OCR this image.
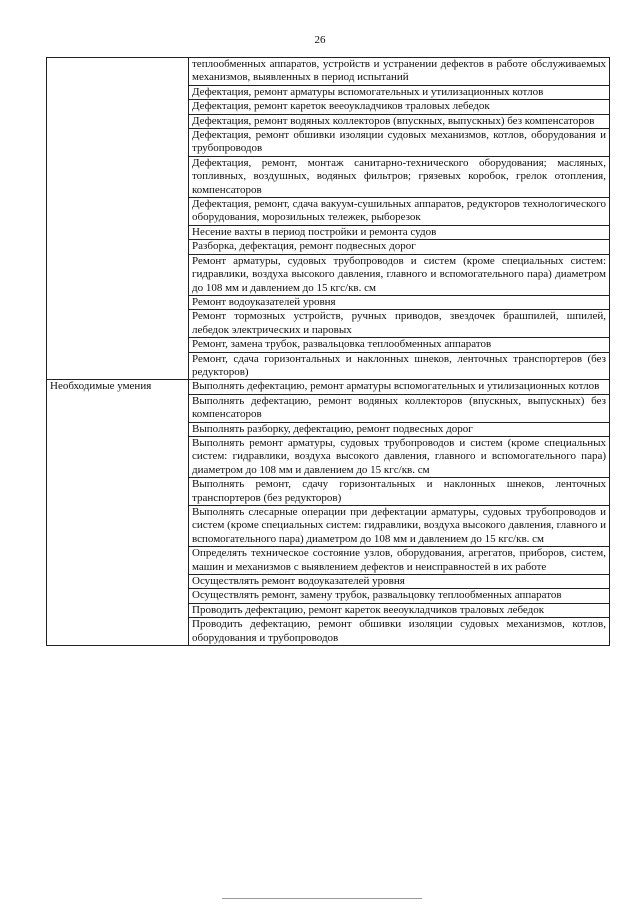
26
	теплообменных аппаратов, устройств и устранении дефектов в работе обслуживаемых механизмов, выявленных в период испытаний
	Дефектация, ремонт арматуры вспомогательных и утилизационных котлов
	Дефектация, ремонт кареток вееоукладчиков траловых лебедок
	Дефектация, ремонт водяных коллекторов (впускных, выпускных) без компенсаторов
	Дефектация, ремонт обшивки изоляции судовых механизмов, котлов, оборудования и трубопроводов
	Дефектация, ремонт, монтаж санитарно-технического оборудования; масляных, топливных, воздушных, водяных фильтров; грязевых коробок, грелок отопления, компенсаторов
	Дефектация, ремонт, сдача вакуум-сушильных аппаратов, редукторов технологического оборудования, морозильных тележек, рыборезок
	Несение вахты в период постройки и ремонта судов
	Разборка, дефектация, ремонт подвесных дорог
	Ремонт арматуры, судовых трубопроводов и систем (кроме специальных систем: гидравлики, воздуха высокого давления, главного и вспомогательного пара) диаметром до 108 мм и давлением до 15 кгс/кв. см
	Ремонт водоуказателей уровня
	Ремонт тормозных устройств, ручных приводов, звездочек брашпилей, шпилей, лебедок электрических и паровых
	Ремонт, замена трубок, развальцовка теплообменных аппаратов
	Ремонт, сдача горизонтальных и наклонных шнеков, ленточных транспортеров (без редукторов)
Необходимые умения	Выполнять дефектацию, ремонт арматуры вспомогательных и утилизационных котлов
	Выполнять дефектацию, ремонт водяных коллекторов (впускных, выпускных) без компенсаторов
	Выполнять разборку, дефектацию, ремонт подвесных дорог
	Выполнять ремонт арматуры, судовых трубопроводов и систем (кроме специальных систем: гидравлики, воздуха высокого давления, главного и вспомогательного пара) диаметром до 108 мм и давлением до 15 кгс/кв. см
	Выполнять ремонт, сдачу горизонтальных и наклонных шнеков, ленточных транспортеров (без редукторов)
	Выполнять слесарные операции при дефектации арматуры, судовых трубопроводов и систем (кроме специальных систем: гидравлики, воздуха высокого давления, главного и вспомогательного пара) диаметром до 108 мм и давлением до 15 кгс/кв. см
	Определять техническое состояние узлов, оборудования, агрегатов, приборов, систем, машин и механизмов с выявлением дефектов и неисправностей в их работе
	Осуществлять ремонт водоуказателей уровня
	Осуществлять ремонт, замену трубок, развальцовку теплообменных аппаратов
	Проводить дефектацию, ремонт кареток вееоукладчиков траловых лебедок
	Проводить дефектацию, ремонт обшивки изоляции судовых механизмов, котлов, оборудования и трубопроводов
